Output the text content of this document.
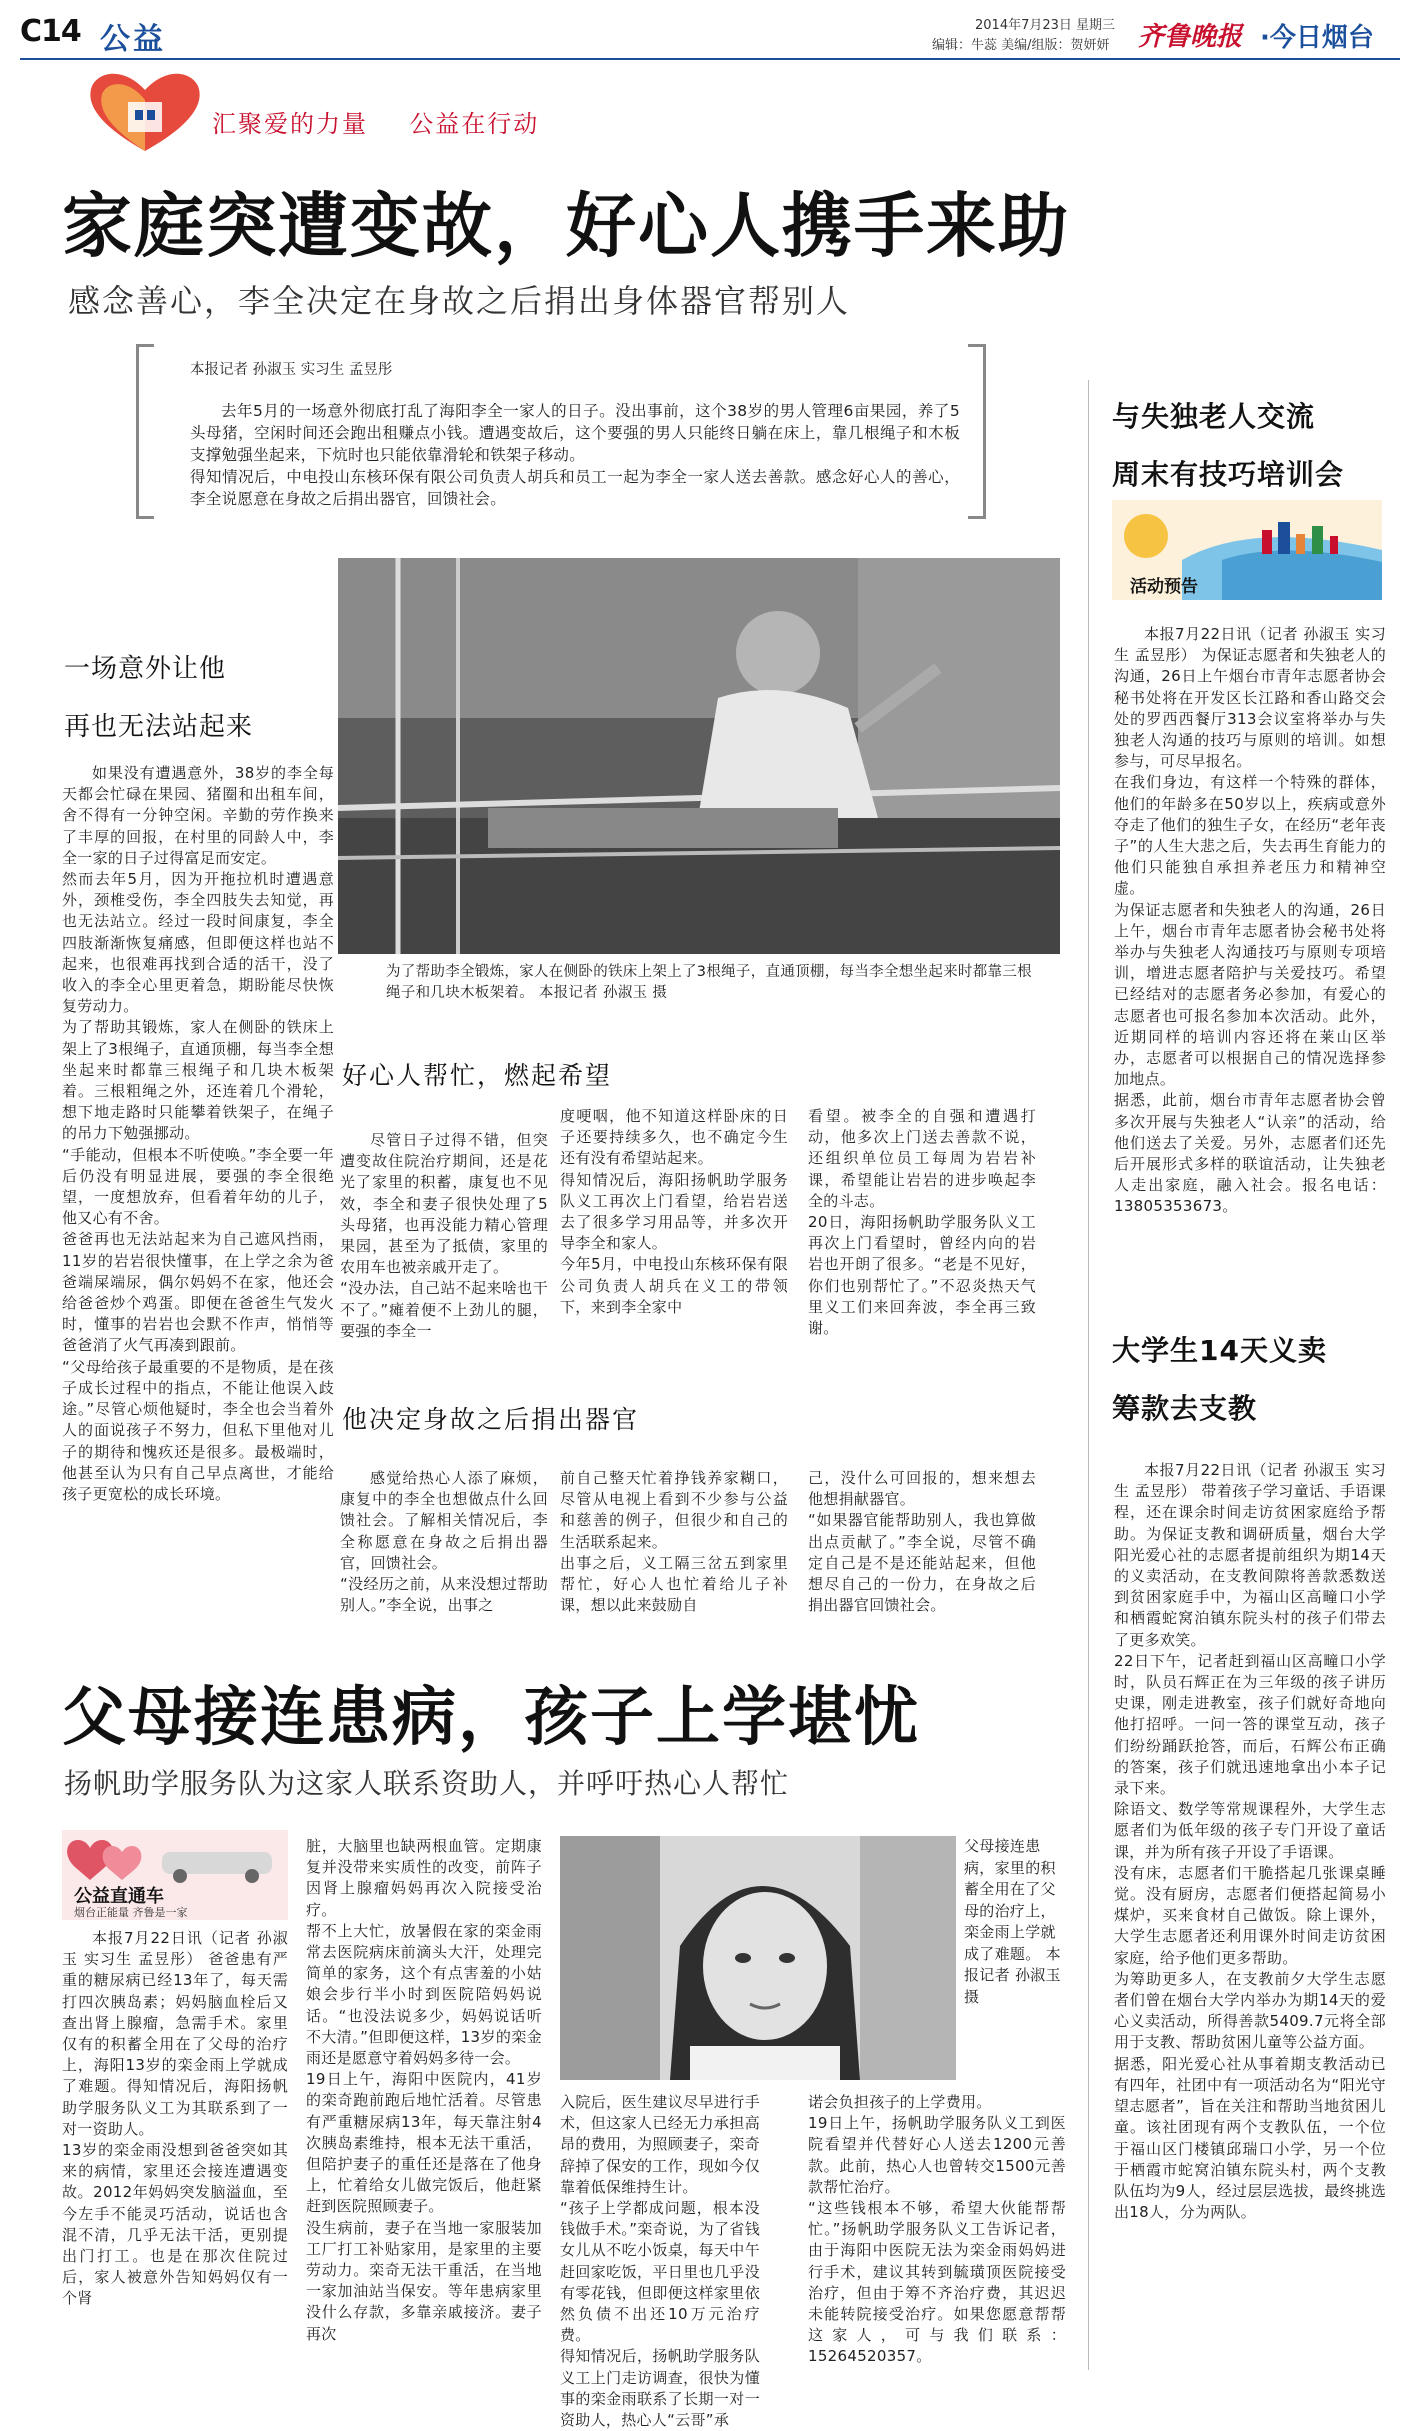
C14 公益	2014年7月23日 星期三
编辑：牛蕊 美编/组版：贺妍妍 齐鲁晚报 ·今日烟台
汇聚爱的力量 公益在行动
家庭突遭变故，好心人携手来助
感念善心，李全决定在身故之后捐出身体器官帮别人
本报记者 孙淑玉 实习生 孟昱彤
去年5月的一场意外彻底打乱了海阳李全一家人的日子。没出事前，这个38岁的男人管理6亩果园，养了5头母猪，空闲时间还会跑出租赚点小钱。遭遇变故后，这个要强的男人只能终日躺在床上，靠几根绳子和木板支撑勉强坐起来，下炕时也只能依靠滑轮和铁架子移动。
得知情况后，中电投山东核环保有限公司负责人胡兵和员工一起为李全一家人送去善款。感念好心人的善心，李全说愿意在身故之后捐出器官，回馈社会。
一场意外让他
再也无法站起来
如果没有遭遇意外，38岁的李全每天都会忙碌在果园、猪圈和出租车间，舍不得有一分钟空闲。辛勤的劳作换来了丰厚的回报，在村里的同龄人中，李全一家的日子过得富足而安定。
然而去年5月，因为开拖拉机时遭遇意外，颈椎受伤，李全四肢失去知觉，再也无法站立。经过一段时间康复，李全四肢渐渐恢复痛感，但即便这样也站不起来，也很难再找到合适的活干，没了收入的李全心里更着急，期盼能尽快恢复劳动力。
为了帮助其锻炼，家人在侧卧的铁床上架上了3根绳子，直通顶棚，每当李全想坐起来时都靠三根绳子和几块木板架着。三根粗绳之外，还连着几个滑轮，想下地走路时只能攀着铁架子，在绳子的吊力下勉强挪动。
“手能动，但根本不听使唤。”李全要一年后仍没有明显进展，要强的李全很绝望，一度想放弃，但看着年幼的儿子，他又心有不舍。
爸爸再也无法站起来为自己遮风挡雨，11岁的岩岩很快懂事，在上学之余为爸爸端屎端尿，偶尔妈妈不在家，他还会给爸爸炒个鸡蛋。即便在爸爸生气发火时，懂事的岩岩也会默不作声，悄悄等爸爸消了火气再凑到跟前。
“父母给孩子最重要的不是物质，是在孩子成长过程中的指点，不能让他误入歧途。”尽管心烦他疑时，李全也会当着外人的面说孩子不努力，但私下里他对儿子的期待和愧疚还是很多。最极端时，他甚至认为只有自己早点离世，才能给孩子更宽松的成长环境。
为了帮助李全锻炼，家人在侧卧的铁床上架上了3根绳子，直通顶棚，每当李全想坐起来时都靠三根绳子和几块木板架着。 本报记者 孙淑玉 摄
好心人帮忙，燃起希望
尽管日子过得不错，但突遭变故住院治疗期间，还是花光了家里的积蓄，康复也不见效，李全和妻子很快处理了5头母猪，也再没能力精心管理果园，甚至为了抵债，家里的农用车也被亲戚开走了。
“没办法，自己站不起来啥也干不了。”瘫着便不上劲儿的腿，要强的李全一
度哽咽，他不知道这样卧床的日子还要持续多久，也不确定今生还有没有希望站起来。
得知情况后，海阳扬帆助学服务队义工再次上门看望，给岩岩送去了很多学习用品等，并多次开导李全和家人。
今年5月，中电投山东核环保有限公司负责人胡兵在义工的带领下，来到李全家中
看望。被李全的自强和遭遇打动，他多次上门送去善款不说，还组织单位员工每周为岩岩补课，希望能让岩岩的进步唤起李全的斗志。
20日，海阳扬帆助学服务队义工再次上门看望时，曾经内向的岩岩也开朗了很多。“老是不见好，你们也别帮忙了。”不忍炎热天气里义工们来回奔波，李全再三致谢。
他决定身故之后捐出器官
感觉给热心人添了麻烦，康复中的李全也想做点什么回馈社会。了解相关情况后，李全称愿意在身故之后捐出器官，回馈社会。
“没经历之前，从来没想过帮助别人。”李全说，出事之
前自己整天忙着挣钱养家糊口，尽管从电视上看到不少参与公益和慈善的例子，但很少和自己的生活联系起来。
出事之后，义工隔三岔五到家里帮忙，好心人也忙着给儿子补课，想以此来鼓励自
己，没什么可回报的，想来想去他想捐献器官。
“如果器官能帮助别人，我也算做出点贡献了。”李全说，尽管不确定自己是不是还能站起来，但他想尽自己的一份力，在身故之后捐出器官回馈社会。
与失独老人交流
周末有技巧培训会
活动预告
本报7月22日讯（记者 孙淑玉 实习生 孟昱彤） 为保证志愿者和失独老人的沟通，26日上午烟台市青年志愿者协会秘书处将在开发区长江路和香山路交会处的罗西西餐厅313会议室将举办与失独老人沟通的技巧与原则的培训。如想参与，可尽早报名。
在我们身边，有这样一个特殊的群体，他们的年龄多在50岁以上，疾病或意外夺走了他们的独生子女，在经历“老年丧子”的人生大悲之后，失去再生育能力的他们只能独自承担养老压力和精神空虚。
为保证志愿者和失独老人的沟通，26日上午，烟台市青年志愿者协会秘书处将举办与失独老人沟通技巧与原则专项培训，增进志愿者陪护与关爱技巧。希望已经结对的志愿者务必参加，有爱心的志愿者也可报名参加本次活动。此外，近期同样的培训内容还将在莱山区举办，志愿者可以根据自己的情况选择参加地点。
据悉，此前，烟台市青年志愿者协会曾多次开展与失独老人“认亲”的活动，给他们送去了关爱。另外，志愿者们还先后开展形式多样的联谊活动，让失独老人走出家庭，融入社会。报名电话：13805353673。
大学生14天义卖
筹款去支教
本报7月22日讯（记者 孙淑玉 实习生 孟昱彤） 带着孩子学习童话、手语课程，还在课余时间走访贫困家庭给予帮助。为保证支教和调研质量，烟台大学阳光爱心社的志愿者提前组织为期14天的义卖活动，在支教间隙将善款悉数送到贫困家庭手中，为福山区高疃口小学和栖霞蛇窝泊镇东院头村的孩子们带去了更多欢笑。
22日下午，记者赶到福山区高疃口小学时，队员石辉正在为三年级的孩子讲历史课，刚走进教室，孩子们就好奇地向他打招呼。一问一答的课堂互动，孩子们纷纷踊跃抢答，而后，石辉公布正确的答案，孩子们就迅速地拿出小本子记录下来。
除语文、数学等常规课程外，大学生志愿者们为低年级的孩子专门开设了童话课，并为所有孩子开设了手语课。
没有床，志愿者们干脆搭起几张课桌睡觉。没有厨房，志愿者们便搭起简易小煤炉，买来食材自己做饭。除上课外，大学生志愿者还利用课外时间走访贫困家庭，给予他们更多帮助。
为筹助更多人，在支教前夕大学生志愿者们曾在烟台大学内举办为期14天的爱心义卖活动，所得善款5409.7元将全部用于支教、帮助贫困儿童等公益方面。
据悉，阳光爱心社从事着期支教活动已有四年，社团中有一项活动名为“阳光守望志愿者”，旨在关注和帮助当地贫困儿童。该社团现有两个支教队伍，一个位于福山区门楼镇邱瑞口小学，另一个位于栖霞市蛇窝泊镇东院头村，两个支教队伍均为9人，经过层层选拔，最终挑选出18人，分为两队。
父母接连患病，孩子上学堪忧
扬帆助学服务队为这家人联系资助人，并呼吁热心人帮忙
公益直通车
烟台正能量 齐鲁是一家
本报7月22日讯（记者 孙淑玉 实习生 孟昱彤） 爸爸患有严重的糖尿病已经13年了，每天需打四次胰岛素；妈妈脑血栓后又查出肾上腺瘤，急需手术。家里仅有的积蓄全用在了父母的治疗上，海阳13岁的栾金雨上学就成了难题。得知情况后，海阳扬帆助学服务队义工为其联系到了一对一资助人。
13岁的栾金雨没想到爸爸突如其来的病情，家里还会接连遭遇变故。2012年妈妈突发脑溢血，至今左手不能灵巧活动，说话也含混不清，几乎无法干活，更别提出门打工。也是在那次住院过后，家人被意外告知妈妈仅有一个肾
脏，大脑里也缺两根血管。定期康复并没带来实质性的改变，前阵子因肾上腺瘤妈妈再次入院接受治疗。
帮不上大忙，放暑假在家的栾金雨常去医院病床前滴头大汗，处理完简单的家务，这个有点害羞的小姑娘会步行半小时到医院陪妈妈说话。“也没法说多少，妈妈说话听不大清。”但即便这样，13岁的栾金雨还是愿意守着妈妈多待一会。
19日上午，海阳中医院内，41岁的栾奇跑前跑后地忙活着。尽管患有严重糖尿病13年，每天靠注射4次胰岛素维持，根本无法干重活，但陪护妻子的重任还是落在了他身上，忙着给女儿做完饭后，他赶紧赶到医院照顾妻子。
没生病前，妻子在当地一家服装加工厂打工补贴家用，是家里的主要劳动力。栾奇无法干重活，在当地一家加油站当保安。等年患病家里没什么存款，多靠亲戚接济。妻子再次
父母接连患病，家里的积蓄全用在了父母的治疗上，栾金雨上学就成了难题。 本报记者 孙淑玉 摄
入院后，医生建议尽早进行手术，但这家人已经无力承担高昂的费用，为照顾妻子，栾奇辞掉了保安的工作，现如今仅靠着低保维持生计。
“孩子上学都成问题，根本没钱做手术。”栾奇说，为了省钱女儿从不吃小饭桌，每天中午赶回家吃饭，平日里也几乎没有零花钱，但即便这样家里依然负债不出还10万元治疗费。
得知情况后，扬帆助学服务队义工上门走访调查，很快为懂事的栾金雨联系了长期一对一资助人，热心人“云哥”承
诺会负担孩子的上学费用。
19日上午，扬帆助学服务队义工到医院看望并代替好心人送去1200元善款。此前，热心人也曾转交1500元善款帮忙治疗。
“这些钱根本不够，希望大伙能帮帮忙。”扬帆助学服务队义工告诉记者，由于海阳中医院无法为栾金雨妈妈进行手术，建议其转到毓璜顶医院接受治疗，但由于筹不齐治疗费，其迟迟未能转院接受治疗。如果您愿意帮帮这家人，可与我们联系：15264520357。
